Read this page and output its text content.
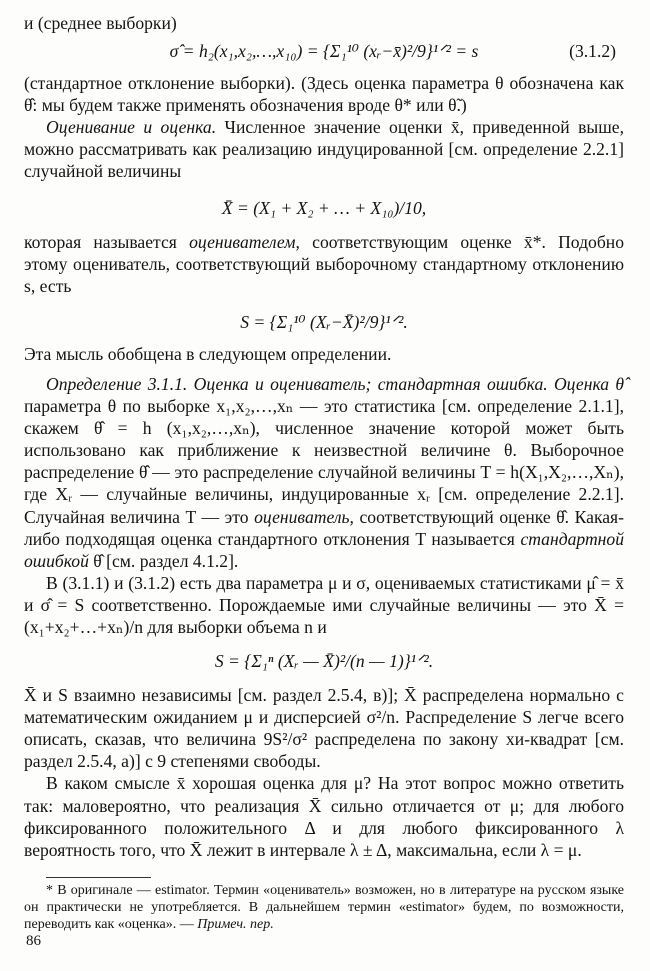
и (среднее выборки)

σ̂ = h₂(x₁,x₂,…,x₁₀) = {Σ₁¹⁰ (xᵣ−x̄)²/9}¹ᐟ² = s	(3.1.2)

(стандартное отклонение выборки). (Здесь оценка параметра θ обозначена как θ̂: мы будем также применять обозначения вроде θ* или θ̃.)

Оценивание и оценка. Численное значение оценки x̄, приведенной выше, можно рассматривать как реализацию индуцированной [см. определение 2.2.1] случайной величины

X̄ = (X₁ + X₂ + … + X₁₀)/10,

которая называется оценивателем, соответствующим оценке x̄*. Подобно этому оцениватель, соответствующий выборочному стандартному отклонению s, есть

S = {Σ₁¹⁰ (Xᵣ−X̄)²/9}¹ᐟ².

Эта мысль обобщена в следующем определении.

Определение 3.1.1. Оценка и оцениватель; стандартная ошибка. Оценка θ̂ параметра θ по выборке x₁,x₂,…,xₙ — это статистика [см. определение 2.1.1], скажем θ̂ = h (x₁,x₂,…,xₙ), численное значение которой может быть использовано как приближение к неизвестной величине θ. Выборочное распределение θ̂ — это распределение случайной величины T = h(X₁,X₂,…,Xₙ), где Xᵣ — случайные величины, индуцированные xᵣ [см. определение 2.2.1]. Случайная величина T — это оцениватель, соответствующий оценке θ̂. Какая-либо подходящая оценка стандартного отклонения T называется стандартной ошибкой θ̂ [см. раздел 4.1.2].

В (3.1.1) и (3.1.2) есть два параметра μ и σ, оцениваемых статистиками μ̂ = x̄ и σ̂ = S соответственно. Порождаемые ими случайные величины — это X̄ = (x₁+x₂+…+xₙ)/n для выборки объема n и

S = {Σ₁ⁿ (Xᵣ — X̄)²/(n — 1)}¹ᐟ².

X̄ и S взаимно независимы [см. раздел 2.5.4, в)]; X̄ распределена нормально с математическим ожиданием μ и дисперсией σ²/n. Распределение S легче всего описать, сказав, что величина 9S²/σ² распределена по закону хи-квадрат [см. раздел 2.5.4, а)] с 9 степенями свободы.

В каком смысле x̄ хорошая оценка для μ? На этот вопрос можно ответить так: маловероятно, что реализация X̄ сильно отличается от μ; для любого фиксированного положительного Δ и для любого фиксированного λ вероятность того, что X̄ лежит в интервале λ ± Δ, максимальна, если λ = μ.

* В оригинале — estimator. Термин «оцениватель» возможен, но в литературе на русском языке он практически не употребляется. В дальнейшем термин «estimator» будем, по возможности, переводить как «оценка». — Примеч. пер.

86
